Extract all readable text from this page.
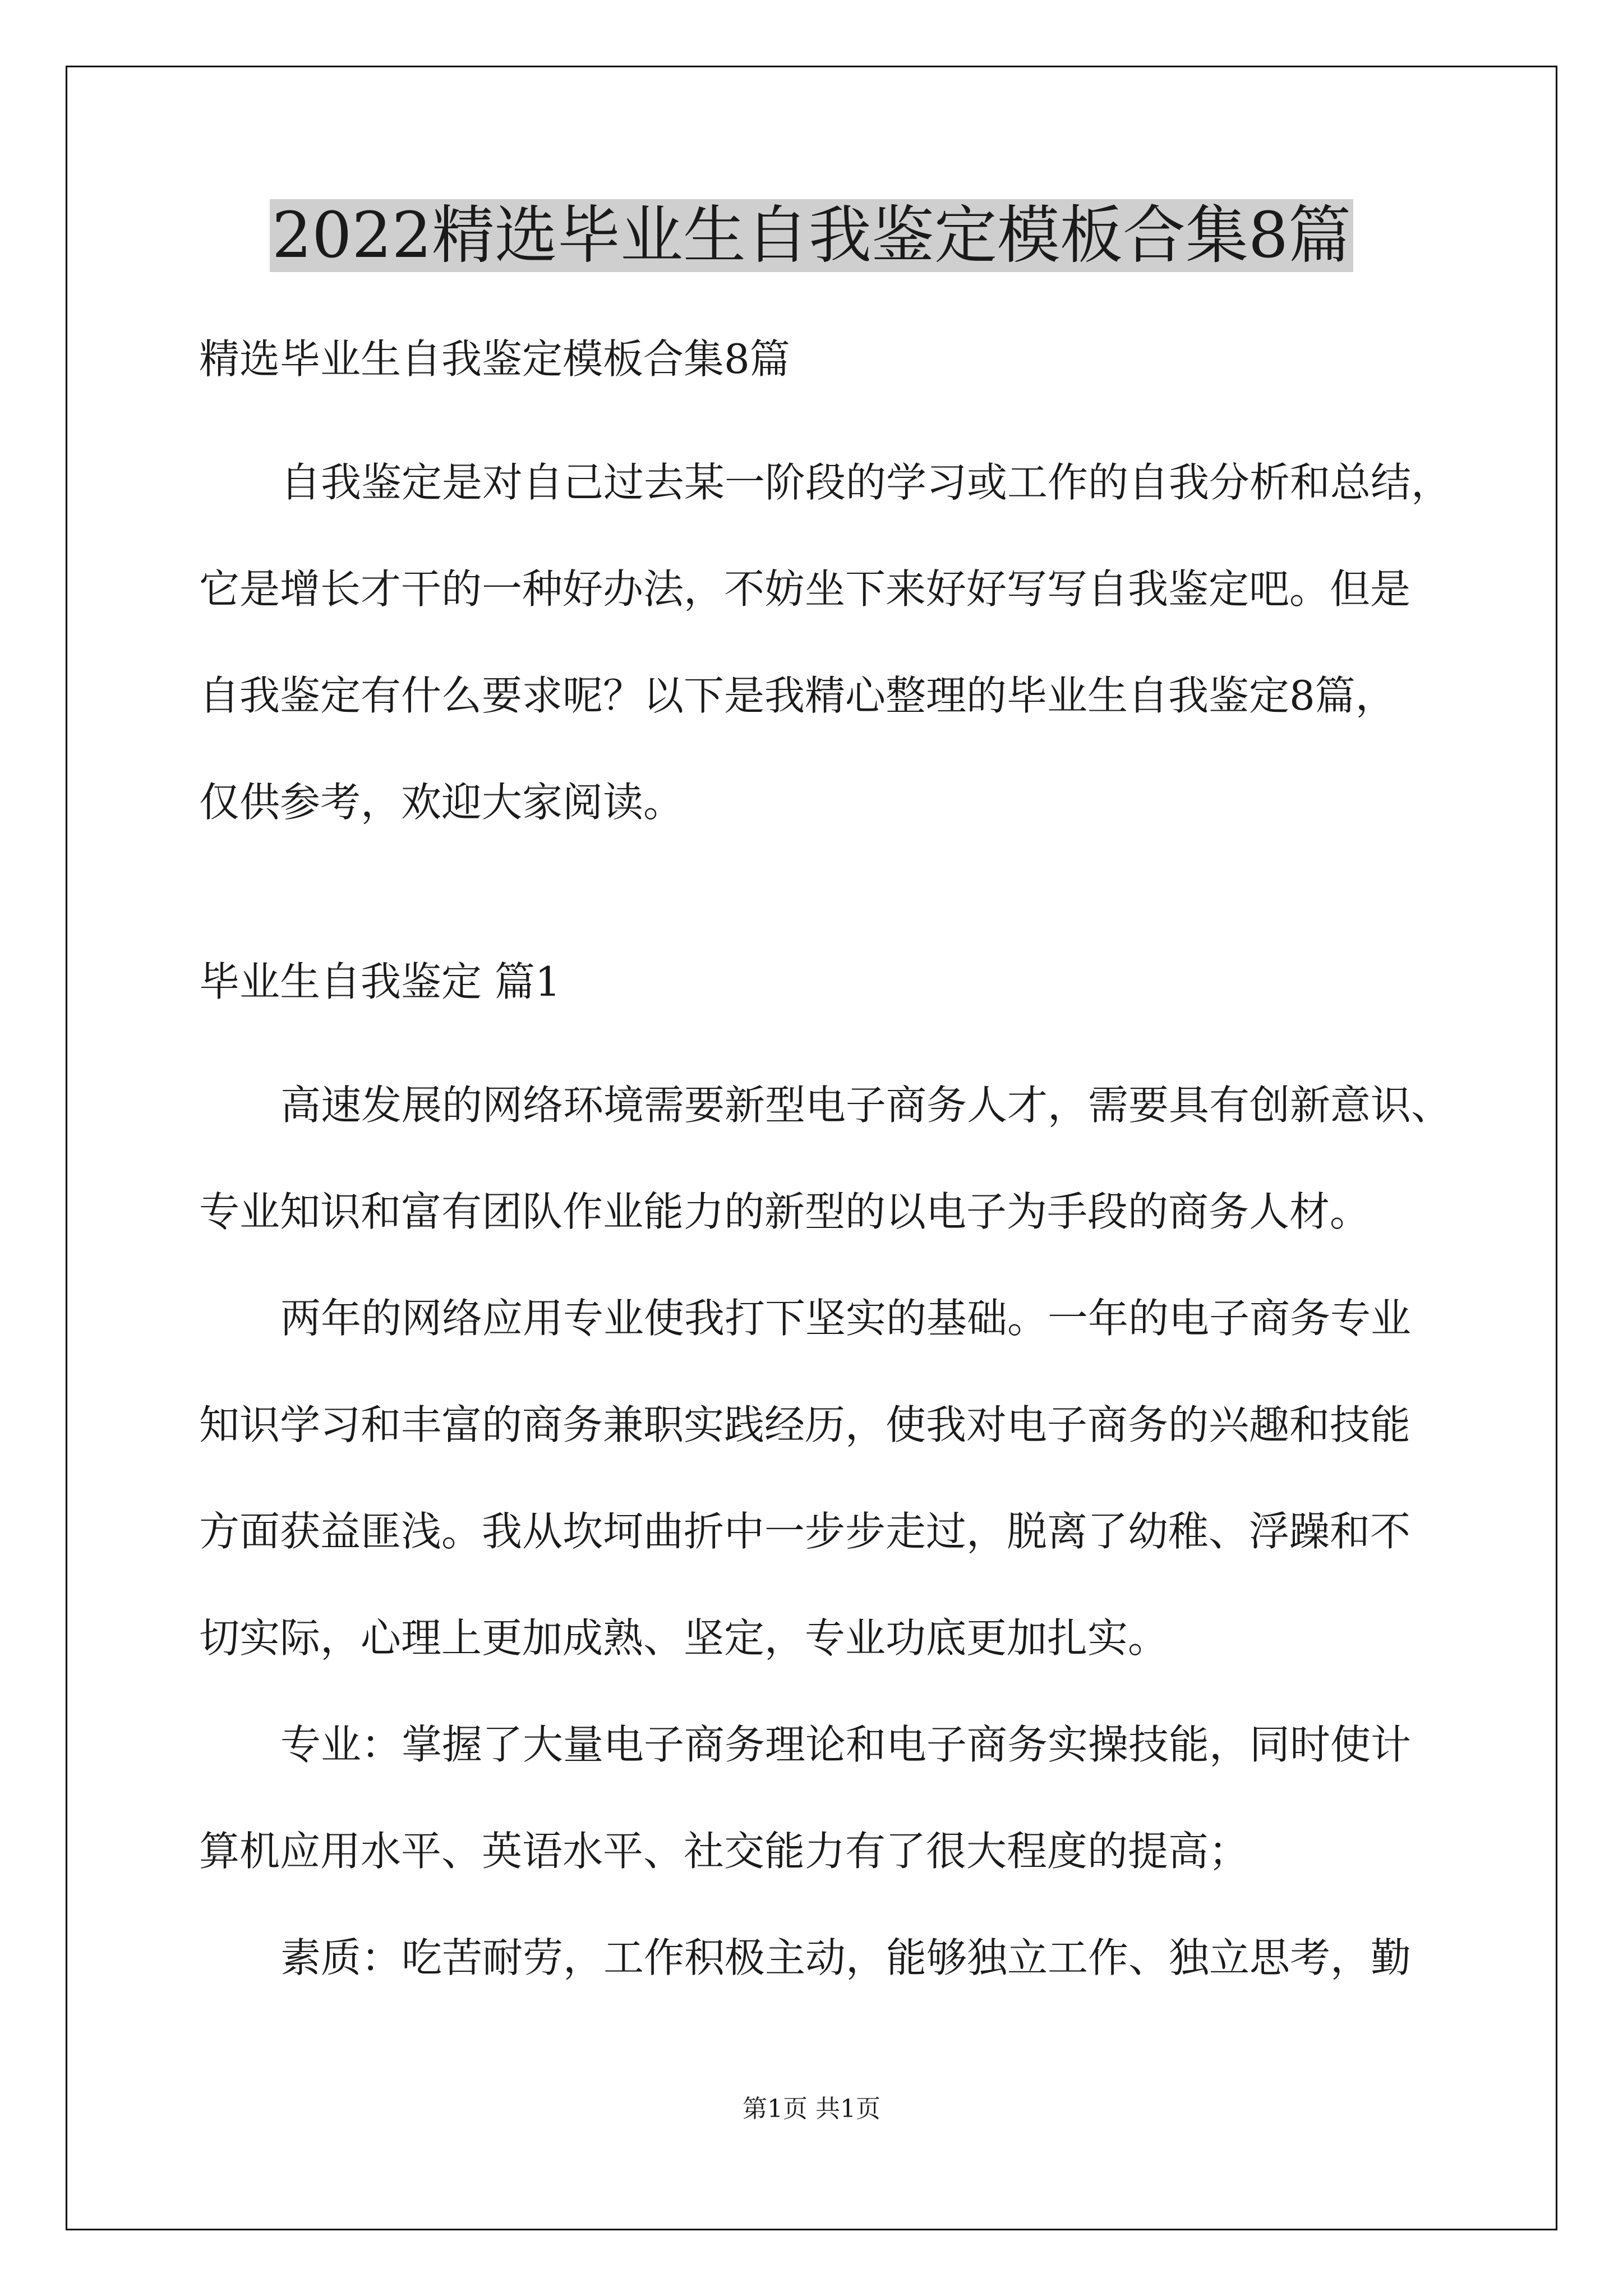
2022精选毕业生自我鉴定模板合集8篇

精选毕业生自我鉴定模板合集8篇

自我鉴定是对自己过去某一阶段的学习或工作的自我分析和总结，

它是增长才干的一种好办法，不妨坐下来好好写写自我鉴定吧。但是

自我鉴定有什么要求呢？以下是我精心整理的毕业生自我鉴定8篇，

仅供参考，欢迎大家阅读。

毕业生自我鉴定 篇1

高速发展的网络环境需要新型电子商务人才，需要具有创新意识、

专业知识和富有团队作业能力的新型的以电子为手段的商务人材。

两年的网络应用专业使我打下坚实的基础。一年的电子商务专业

知识学习和丰富的商务兼职实践经历，使我对电子商务的兴趣和技能

方面获益匪浅。我从坎坷曲折中一步步走过，脱离了幼稚、浮躁和不

切实际，心理上更加成熟、坚定，专业功底更加扎实。

专业：掌握了大量电子商务理论和电子商务实操技能，同时使计

算机应用水平、英语水平、社交能力有了很大程度的提高；

素质：吃苦耐劳，工作积极主动，能够独立工作、独立思考，勤

第1页 共1页
